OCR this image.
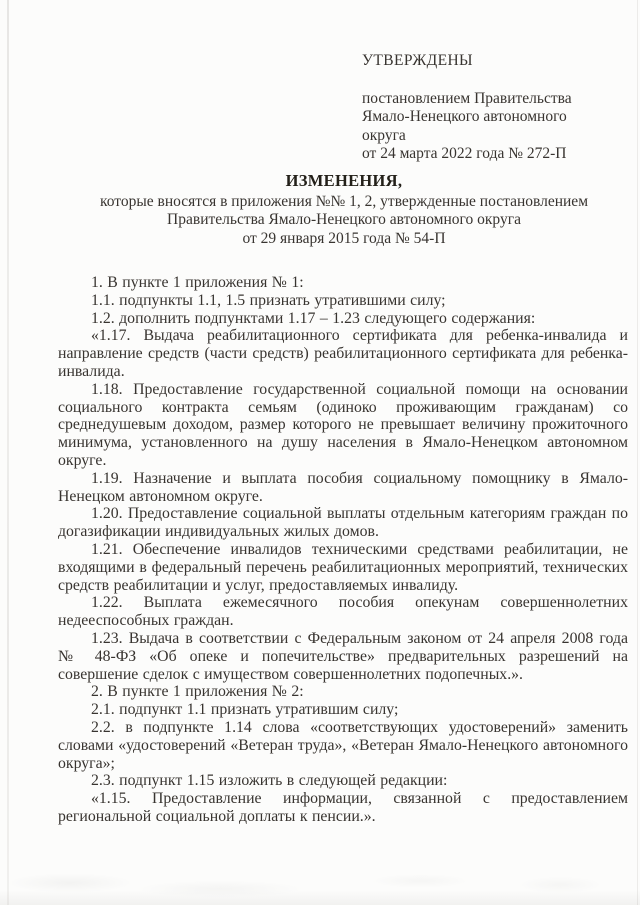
УТВЕРЖДЕНЫ
постановлением Правительства
Ямало-Ненецкого автономного округа
от 24 марта 2022 года № 272-П
ИЗМЕНЕНИЯ,
которые вносятся в приложения №№ 1, 2, утвержденные постановлением
Правительства Ямало-Ненецкого автономного округа
от 29 января 2015 года № 54-П

1. В пункте 1 приложения № 1:

1.1. подпункты 1.1, 1.5 признать утратившими силу;

1.2. дополнить подпунктами 1.17 – 1.23 следующего содержания:

«1.17. Выдача реабилитационного сертификата для ребенка-инвалида и направление средств (части средств) реабилитационного сертификата для ребенка-инвалида.

1.18. Предоставление государственной социальной помощи на основании социального контракта семьям (одиноко проживающим гражданам) со среднедушевым доходом, размер которого не превышает величину прожиточного минимума, установленного на душу населения в Ямало-Ненецком автономном округе.

1.19. Назначение и выплата пособия социальному помощнику в Ямало-Ненецком автономном округе.

1.20. Предоставление социальной выплаты отдельным категориям граждан по догазификации индивидуальных жилых домов.

1.21. Обеспечение инвалидов техническими средствами реабилитации, не входящими в федеральный перечень реабилитационных мероприятий, технических средств реабилитации и услуг, предоставляемых инвалиду.

1.22. Выплата ежемесячного пособия опекунам совершеннолетних недееспособных граждан.

1.23. Выдача в соответствии с Федеральным законом от 24 апреля 2008 года № 48-ФЗ «Об опеке и попечительстве» предварительных разрешений на совершение сделок с имуществом совершеннолетних подопечных.».

2. В пункте 1 приложения № 2:

2.1. подпункт 1.1 признать утратившим силу;

2.2. в подпункте 1.14 слова «соответствующих удостоверений» заменить словами «удостоверений «Ветеран труда», «Ветеран Ямало-Ненецкого автономного округа»;

2.3. подпункт 1.15 изложить в следующей редакции:

«1.15. Предоставление информации, связанной с предоставлением региональной социальной доплаты к пенсии.».
